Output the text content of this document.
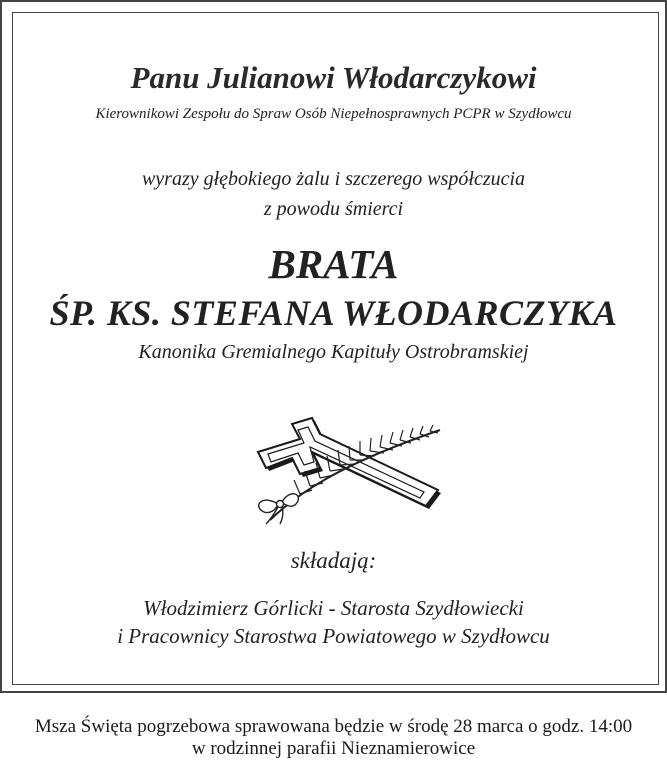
Panu Julianowi Włodarczykowi
Kierownikowi Zespołu do Spraw Osób Niepełnosprawnych PCPR w Szydłowcu
wyrazy głębokiego żalu i szczerego współczucia
z powodu śmierci
BRATA
ŚP. KS. STEFANA WŁODARCZYKA
Kanonika Gremialnego Kapituły Ostrobramskiej
składają:
Włodzimierz Górlicki - Starosta Szydłowiecki
i Pracownicy Starostwa Powiatowego w Szydłowcu
Msza Święta pogrzebowa sprawowana będzie w środę 28 marca o godz. 14:00
w rodzinnej parafii Nieznamierowice
